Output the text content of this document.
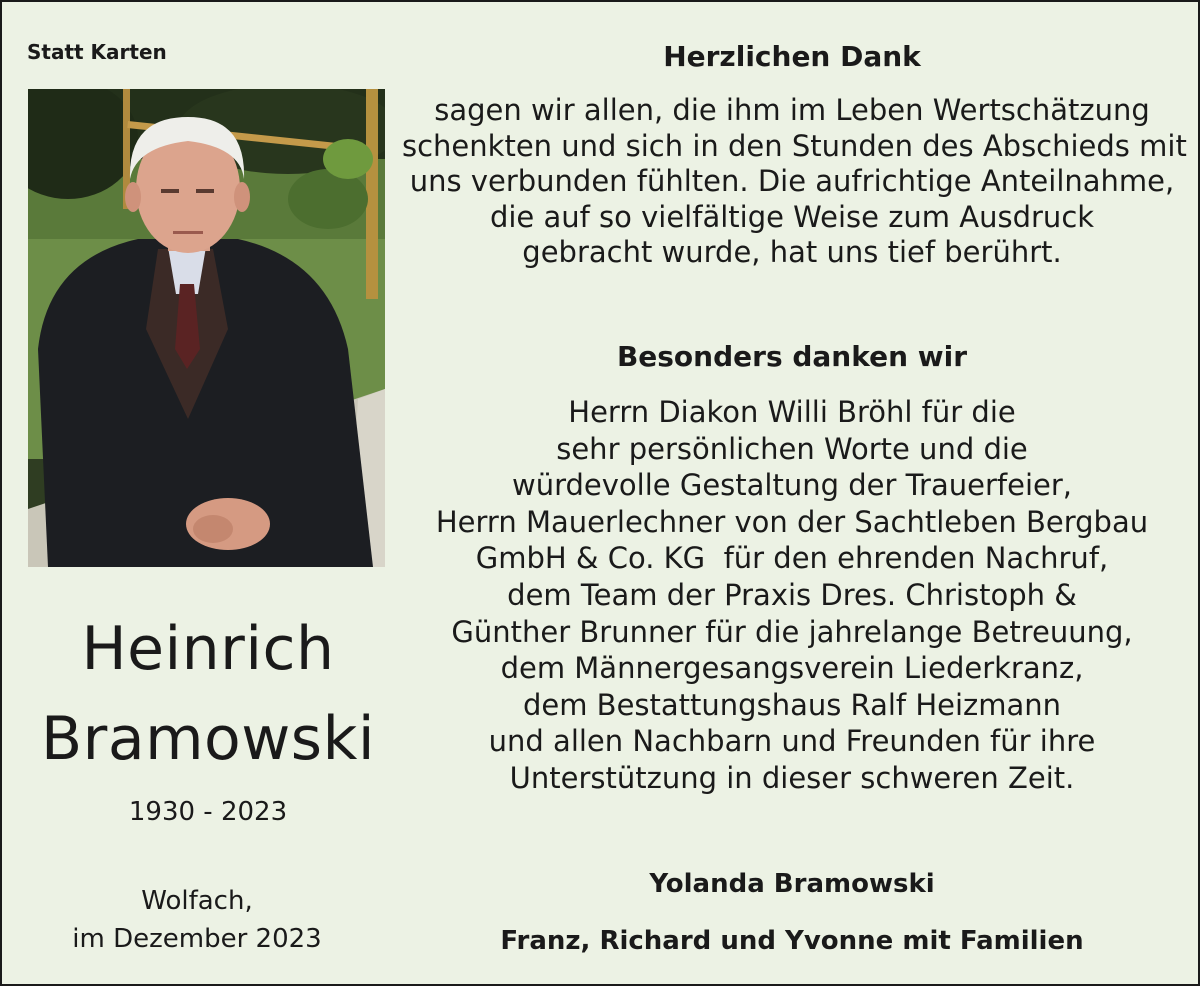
Statt Karten
Heinrich
Bramowski
1930 - 2023
Wolfach,
im Dezember 2023
Herzlichen Dank
sagen wir allen, die ihm im Leben Wertschätzung
schenkten und sich in den Stunden des Abschieds mit
uns verbunden fühlten. Die aufrichtige Anteilnahme,
die auf so vielfältige Weise zum Ausdruck
gebracht wurde, hat uns tief berührt.
Besonders danken wir
Herrn Diakon Willi Bröhl für die
sehr persönlichen Worte und die
würdevolle Gestaltung der Trauerfeier,
Herrn Mauerlechner von der Sachtleben Bergbau
GmbH & Co. KG  für den ehrenden Nachruf,
dem Team der Praxis Dres. Christoph &
Günther Brunner für die jahrelange Betreuung,
dem Männergesangsverein Liederkranz,
dem Bestattungshaus Ralf Heizmann
und allen Nachbarn und Freunden für ihre
Unterstützung in dieser schweren Zeit.
Yolanda Bramowski
Franz, Richard und Yvonne mit Familien
